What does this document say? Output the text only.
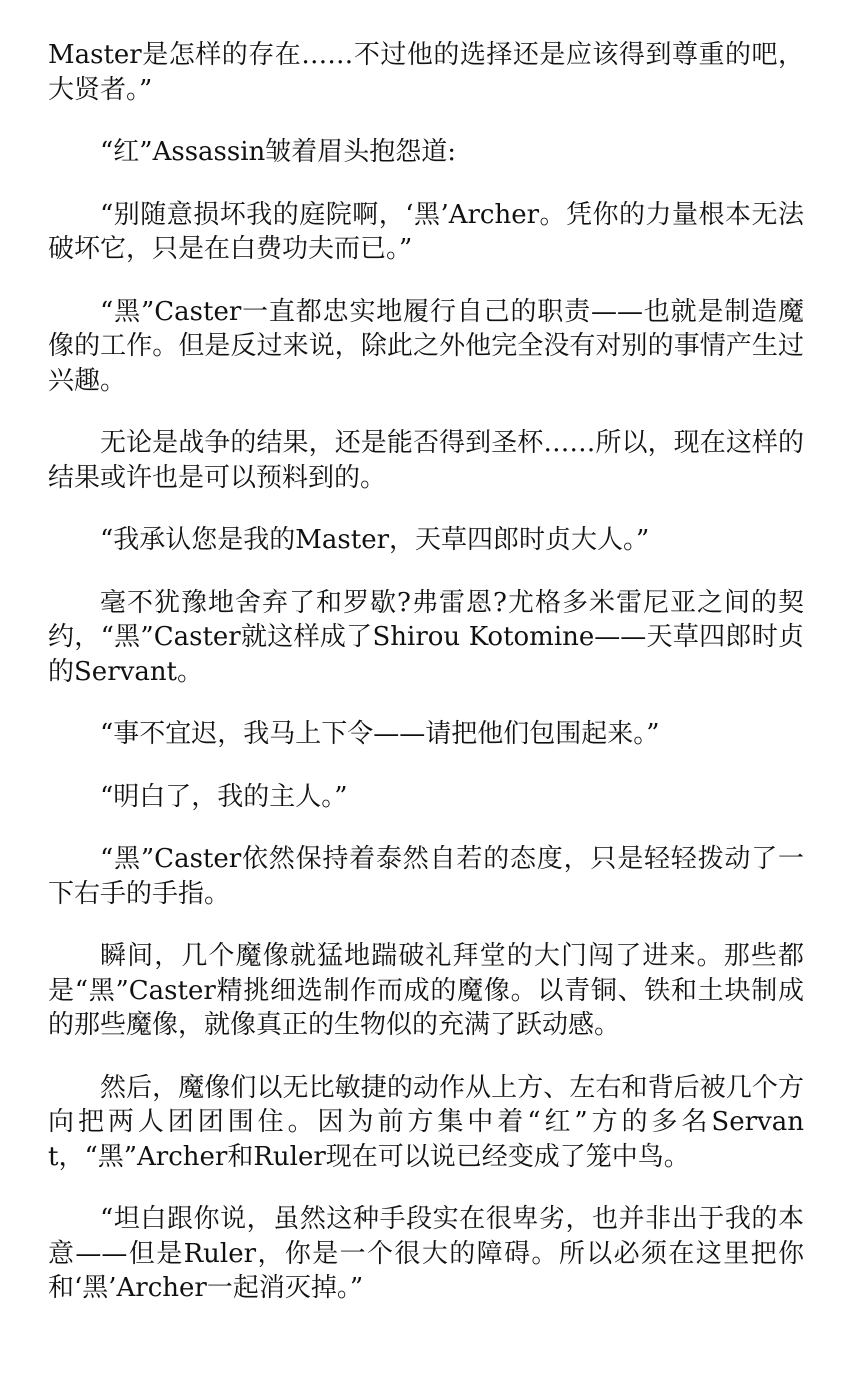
Master是怎样的存在……不过他的选择还是应该得到尊重的吧，大贤者。”

“红”Assassin皱着眉头抱怨道:

“别随意损坏我的庭院啊，‘黑’Archer。凭你的力量根本无法破坏它，只是在白费功夫而已。”

“黑”Caster一直都忠实地履行自己的职责——也就是制造魔像的工作。但是反过来说，除此之外他完全没有对别的事情产生过兴趣。

无论是战争的结果，还是能否得到圣杯……所以，现在这样的结果或许也是可以预料到的。

“我承认您是我的Master，天草四郎时贞大人。”

毫不犹豫地舍弃了和罗歇?弗雷恩?尤格多米雷尼亚之间的契约，“黑”Caster就这样成了Shirou Kotomine——天草四郎时贞的Servant。

“事不宜迟，我马上下令——请把他们包围起来。”

“明白了，我的主人。”

“黑”Caster依然保持着泰然自若的态度，只是轻轻拨动了一下右手的手指。

瞬间，几个魔像就猛地踹破礼拜堂的大门闯了进来。那些都是“黑”Caster精挑细选制作而成的魔像。以青铜、铁和土块制成的那些魔像，就像真正的生物似的充满了跃动感。

然后，魔像们以无比敏捷的动作从上方、左右和背后被几个方向把两人团团围住。因为前方集中着“红”方的多名Servant，“黑”Archer和Ruler现在可以说已经变成了笼中鸟。

“坦白跟你说，虽然这种手段实在很卑劣，也并非出于我的本意——但是Ruler，你是一个很大的障碍。所以必须在这里把你和‘黑’Archer一起消灭掉。”
